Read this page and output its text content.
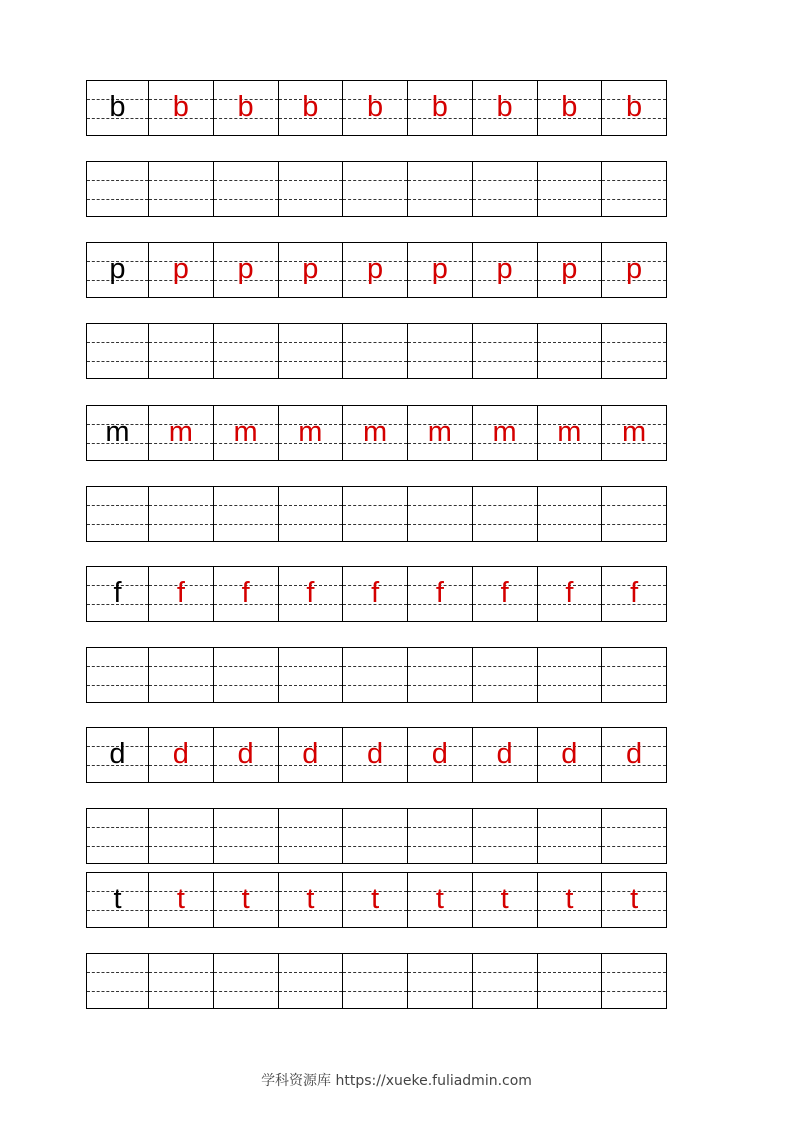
b	b	b	b	b	b	b	b	b
p	p	p	p	p	p	p	p	p
m	m	m	m	m	m	m	m	m
f	f	f	f	f	f	f	f	f
d	d	d	d	d	d	d	d	d
t	t	t	t	t	t	t	t	t
学科资源库 https://xueke.fuliadmin.com
